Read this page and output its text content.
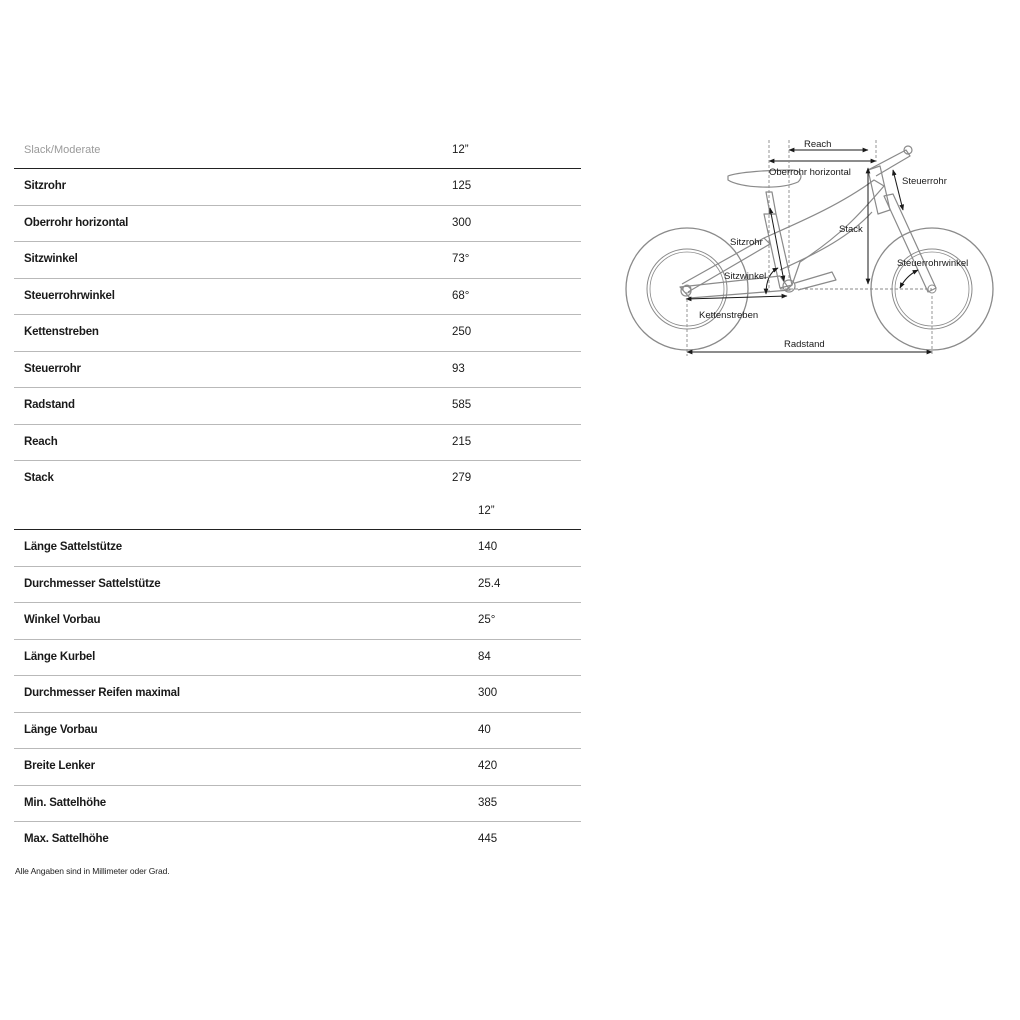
Slack/Moderate	12”
Sitzrohr	125
Oberrohr horizontal	300
Sitzwinkel	73°
Steuerrohrwinkel	68°
Kettenstreben	250
Steuerrohr	93
Radstand	585
Reach	215
Stack	279
12”
Länge Sattelstütze	140
Durchmesser Sattelstütze	25.4
Winkel Vorbau	25°
Länge Kurbel	84
Durchmesser Reifen maximal	300
Länge Vorbau	40
Breite Lenker	420
Min. Sattelhöhe	385
Max. Sattelhöhe	445
Alle Angaben sind in Millimeter oder Grad.
Reach
Oberrohr horizontal
Steuerrohr
Sitzrohr
Stack
Steuerrohrwinkel
Sitzwinkel
Kettenstreben
Radstand
